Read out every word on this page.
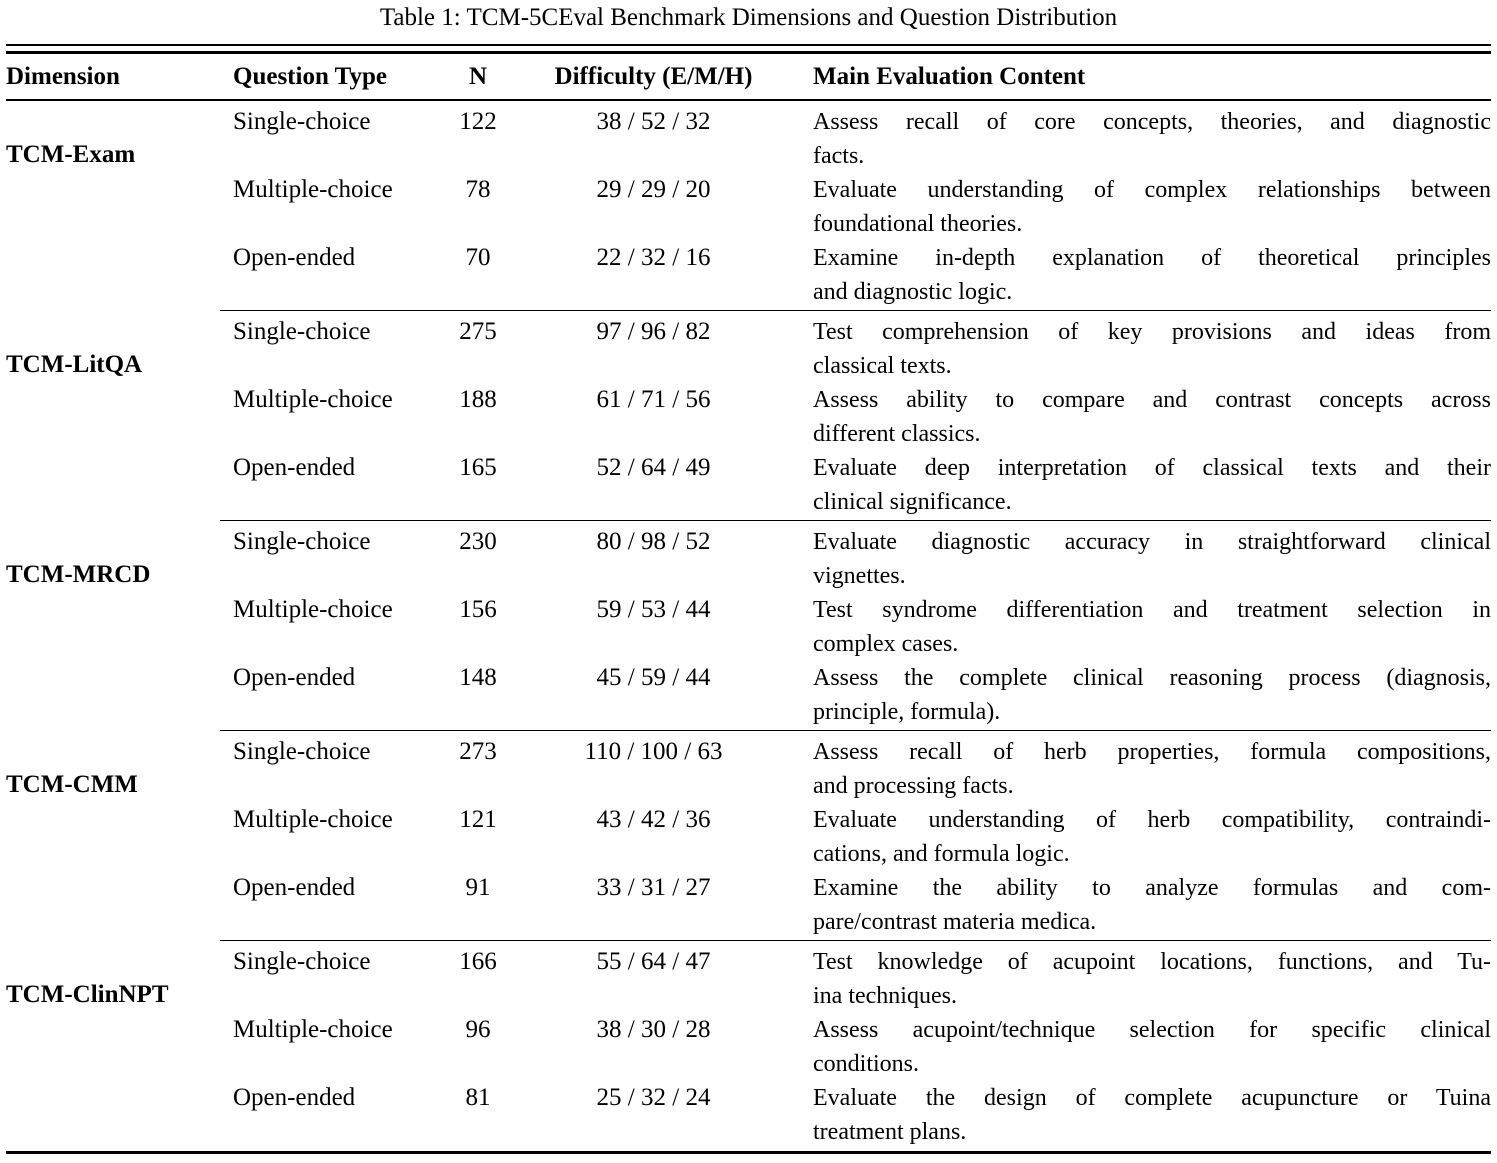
Table 1: TCM-5CEval Benchmark Dimensions and Question Distribution
Dimension	Question Type	N	Difficulty (E/M/H)	Main Evaluation Content
TCM-Exam
Single-choice	122	38 / 52 / 32	Assess recall of core concepts, theories, and diagnostic
facts.
Multiple-choice	78	29 / 29 / 20	Evaluate understanding of complex relationships between
foundational theories.
Open-ended	70	22 / 32 / 16	Examine in-depth explanation of theoretical principles
and diagnostic logic.
TCM-LitQA
Single-choice	275	97 / 96 / 82	Test comprehension of key provisions and ideas from
classical texts.
Multiple-choice	188	61 / 71 / 56	Assess ability to compare and contrast concepts across
different classics.
Open-ended	165	52 / 64 / 49	Evaluate deep interpretation of classical texts and their
clinical significance.
TCM-MRCD
Single-choice	230	80 / 98 / 52	Evaluate diagnostic accuracy in straightforward clinical
vignettes.
Multiple-choice	156	59 / 53 / 44	Test syndrome differentiation and treatment selection in
complex cases.
Open-ended	148	45 / 59 / 44	Assess the complete clinical reasoning process (diagnosis,
principle, formula).
TCM-CMM
Single-choice	273	110 / 100 / 63	Assess recall of herb properties, formula compositions,
and processing facts.
Multiple-choice	121	43 / 42 / 36	Evaluate understanding of herb compatibility, contraindi-
cations, and formula logic.
Open-ended	91	33 / 31 / 27	Examine the ability to analyze formulas and com-
pare/contrast materia medica.
TCM-ClinNPT
Single-choice	166	55 / 64 / 47	Test knowledge of acupoint locations, functions, and Tu-
ina techniques.
Multiple-choice	96	38 / 30 / 28	Assess acupoint/technique selection for specific clinical
conditions.
Open-ended	81	25 / 32 / 24	Evaluate the design of complete acupuncture or Tuina
treatment plans.
